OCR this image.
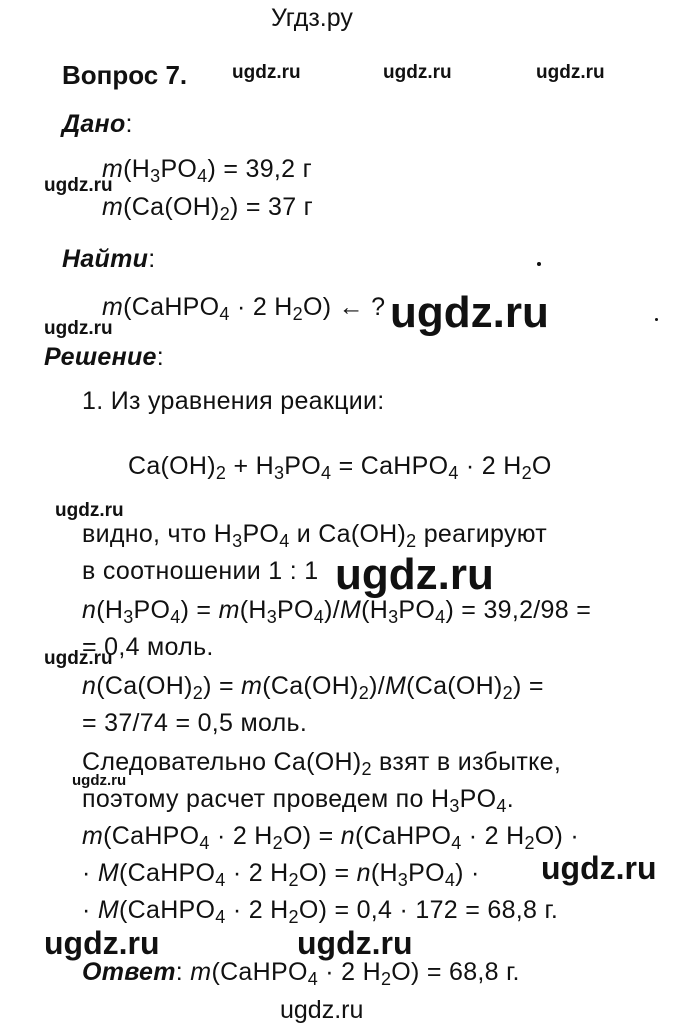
Угдз.ру
Вопрос 7. ugdz.ru	ugdz.ru	ugdz.ru
Дано:
$m(H_3PO_4) = 39,2$ г
ugdz.ru
$m(Ca(OH)_2) = 37$ г
Найти:
m(CaHPO$_4$ · 2 $H_2O$) ← ? ugdz.ru
ugdz.ru
Решение:
1. Из уравнения реакции:
$Ca(OH)_2 + H_3PO_4$ = CaHPO$_4$ · 2 $H_2O$
ugdz.ru
видно, что $H_3PO_4$ и $Ca(OH)_2$ реагируют
в соотношении 1 : 1 ugdz.ru
$n(H_3PO_4) = m(H_3PO_4)/M(H_3PO_4) = 39,2/98$ =
ugdz.ru
= 0,4 моль.
$n(Ca(OH)_2) = m(Ca(OH)_2)/M(Ca(OH)_2)$ =
= 37/74 = 0,5 моль.
Следовательно $Ca(OH)_2$ взят в избытке,
ugdz.ru
поэтому расчет проведем по $H_3PO_4$.
m(CaHPO$_4$ · 2 $H_2O$) = n(CaHPO$_4$ · 2 $H_2O$) ·
· M(CaHPO$_4$ · 2 $H_2O) = n(H_3PO_4)$ · ugdz.ru
· M(CaHPO$_4$ · 2 $H_2O) = 0,4 \cdot 172 = 68,8$ г.
ugdz.ru	ugdz.ru
Ответ: m(CaHPO$_4$ · 2 $H_2O) = 68,8$ г.
ugdz.ru
